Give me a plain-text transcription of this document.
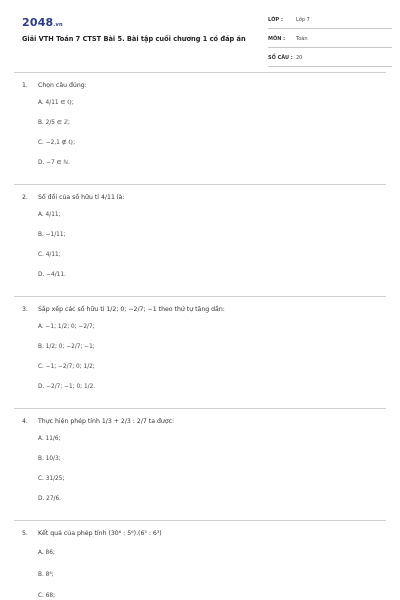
2048.vn
Giải VTH Toán 7 CTST Bài 5. Bài tập cuối chương 1 có đáp án
LỚP :	Lớp 7
MÔN : Toán
SỐ CÂU : 20
1. Chọn câu đúng:
A. 4/11 ∈ ℚ;
B. 2/5 ∈ ℤ;
C. −2,1 ∉ ℚ;
D. −7 ∈ ℕ.
2. Số đối của số hữu tỉ 4/11 là:
A. 4/11;
B. −1/11;
C. 4/11;
D. −4/11.
3. Sắp xếp các số hữu tỉ 1/2; 0; −2/7; −1 theo thứ tự tăng dần:
A. −1; 1/2; 0; −2/7;
B. 1/2; 0; −2/7; −1;
C. −1; −2/7; 0; 1/2;
D. −2/7; −1; 0; 1/2.
4. Thực hiện phép tính 1/3 + 2/3 : 2/7 ta được:
A. 11/6;
B. 10/3;
C. 31/25;
D. 27/6.
5. Kết quả của phép tính (30⁶ : 5⁶).(6⁵ : 6³)
A. 86;
B. 8⁶;
C. 68;
